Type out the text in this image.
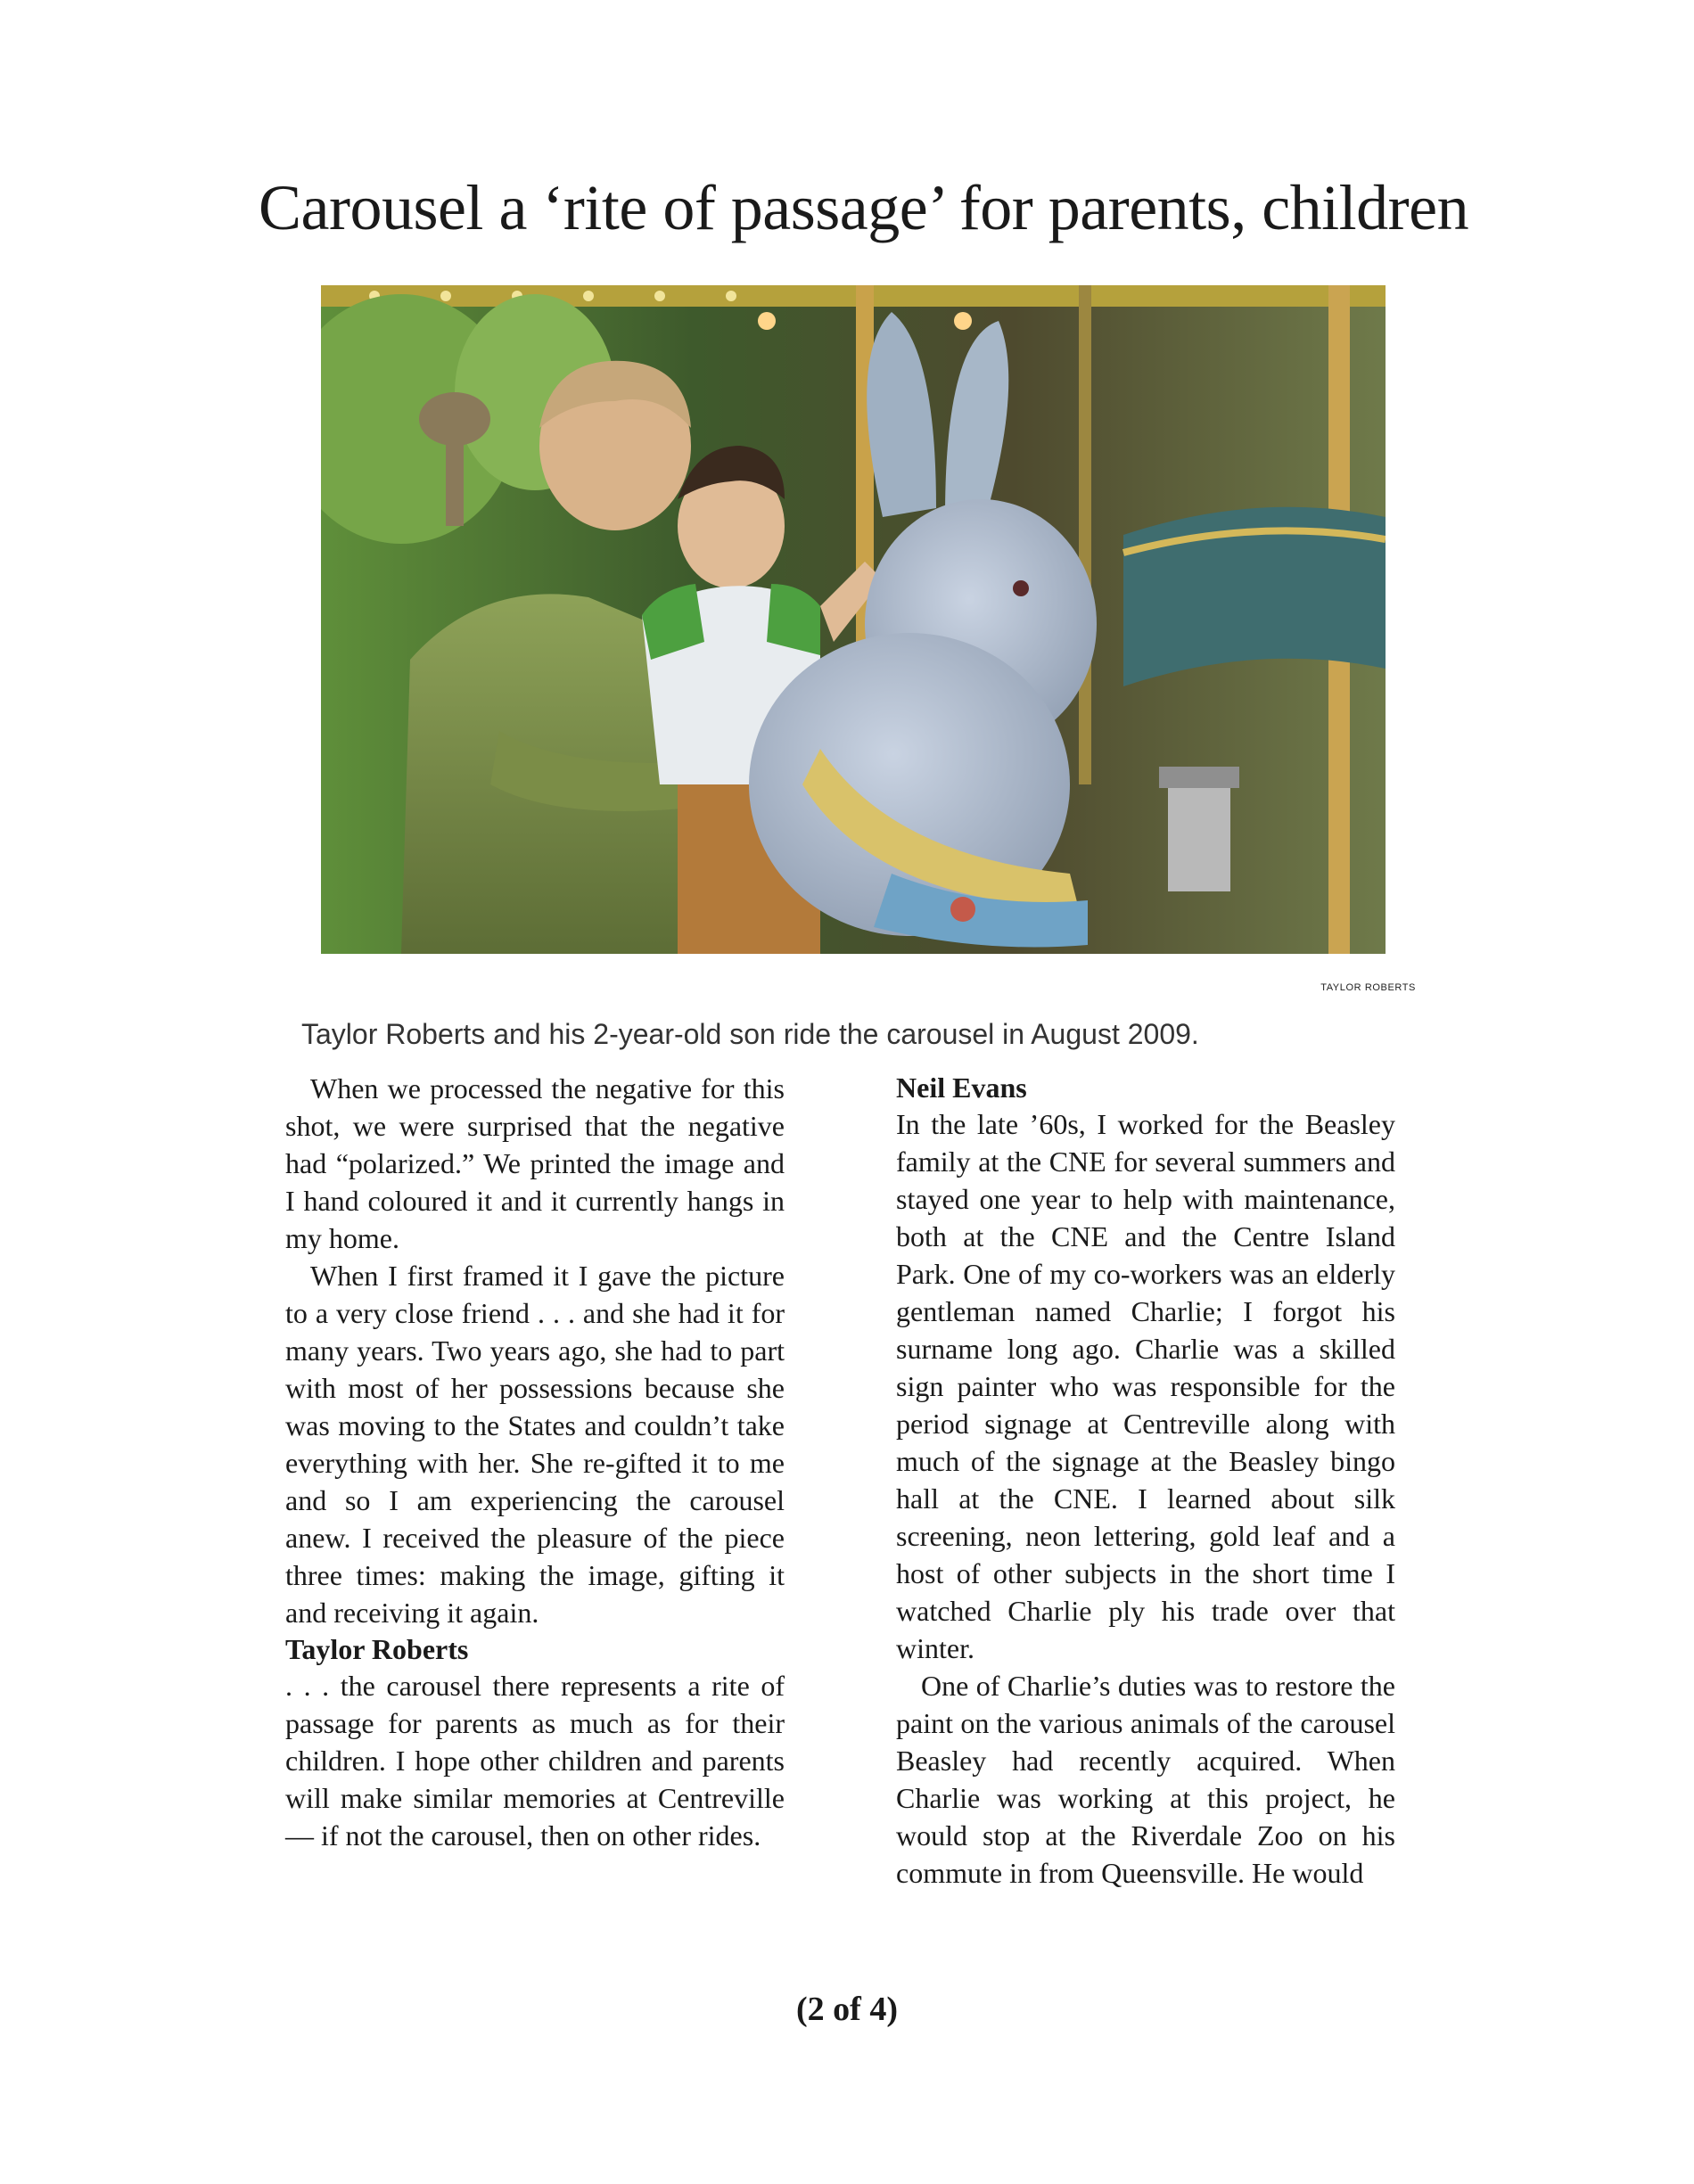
Carousel a ‘rite of passage’ for parents, children
TAYLOR ROBERTS
Taylor Roberts and his 2-year-old son ride the carousel in August 2009.

When we processed the negative for this shot, we were surprised that the negative had “polarized.” We printed the image and I hand coloured it and it currently hangs in my home.

When I first framed it I gave the picture to a very close friend . . . and she had it for many years. Two years ago, she had to part with most of her possessions because she was moving to the States and couldn’t take everything with her. She re-gifted it to me and so I am experiencing the carousel anew. I received the pleasure of the piece three times: making the image, gifting it and receiving it again.

Taylor Roberts

. . . the carousel there represents a rite of passage for parents as much as for their children. I hope other children and parents will make similar memories at Centreville — if not the carousel, then on other rides.

Neil Evans

In the late ’60s, I worked for the Beasley family at the CNE for several summers and stayed one year to help with maintenance, both at the CNE and the Centre Island Park. One of my co-workers was an elderly gentleman named Charlie; I forgot his surname long ago. Charlie was a skilled sign painter who was responsible for the period signage at Centreville along with much of the signage at the Beasley bingo hall at the CNE. I learned about silk screening, neon lettering, gold leaf and a host of other subjects in the short time I watched Charlie ply his trade over that winter.

One of Charlie’s duties was to restore the paint on the various animals of the carousel Beasley had recently acquired. When Charlie was working at this project, he would stop at the Riverdale Zoo on his commute in from Queensville. He would

(2 of 4)
